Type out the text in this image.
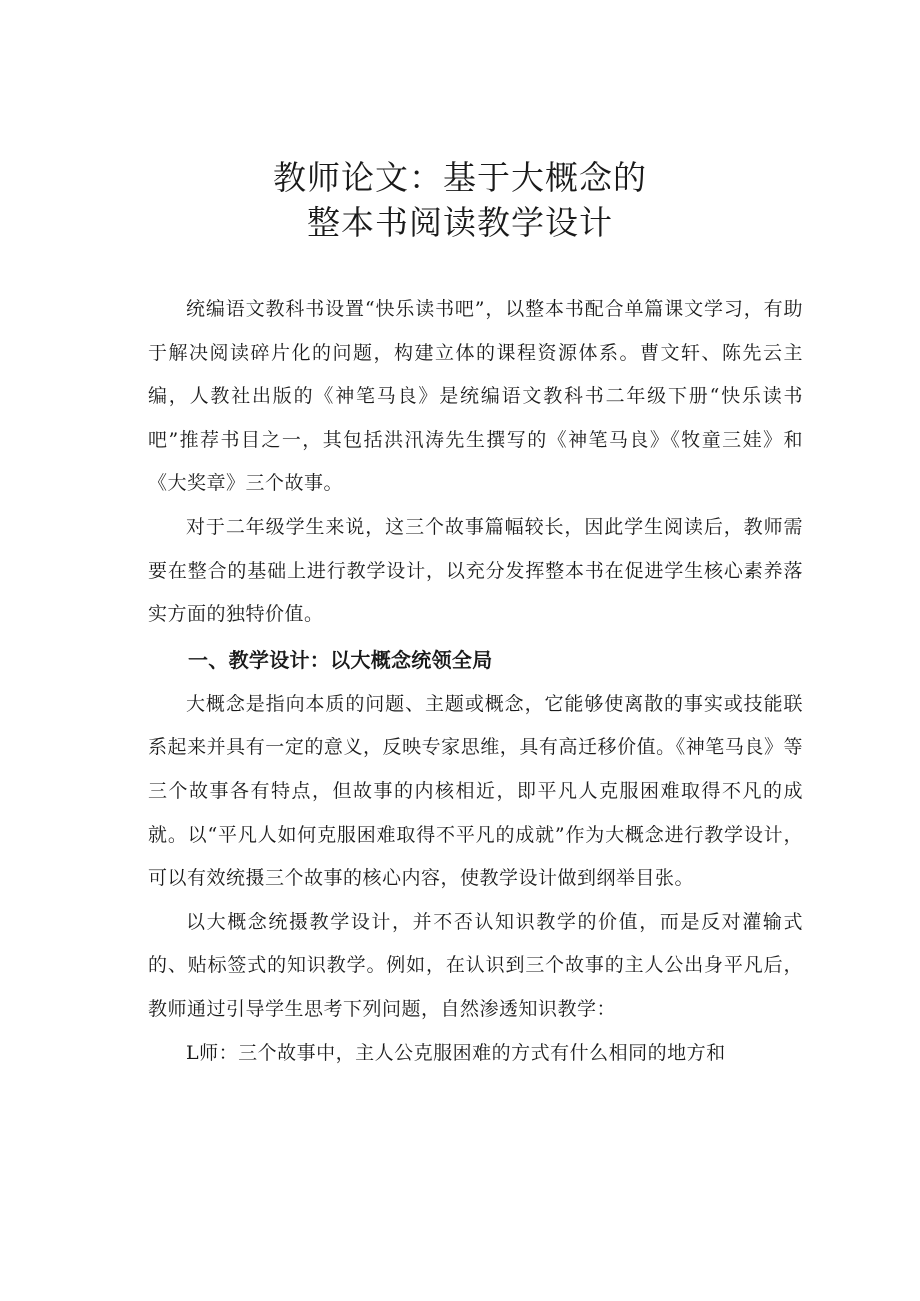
教师论文：基于大概念的
整本书阅读教学设计

统编语文教科书设置“快乐读书吧”，以整本书配合单篇课文学习，有助于解决阅读碎片化的问题，构建立体的课程资源体系。曹文轩、陈先云主编，人教社出版的《神笔马良》是统编语文教科书二年级下册“快乐读书吧”推荐书目之一，其包括洪汛涛先生撰写的《神笔马良》《牧童三娃》和《大奖章》三个故事。

对于二年级学生来说，这三个故事篇幅较长，因此学生阅读后，教师需要在整合的基础上进行教学设计，以充分发挥整本书在促进学生核心素养落实方面的独特价值。

一、教学设计：以大概念统领全局

大概念是指向本质的问题、主题或概念，它能够使离散的事实或技能联系起来并具有一定的意义，反映专家思维，具有高迁移价值。《神笔马良》等三个故事各有特点，但故事的内核相近，即平凡人克服困难取得不凡的成就。以“平凡人如何克服困难取得不平凡的成就”作为大概念进行教学设计，可以有效统摄三个故事的核心内容，使教学设计做到纲举目张。

以大概念统摄教学设计，并不否认知识教学的价值，而是反对灌输式的、贴标签式的知识教学。例如，在认识到三个故事的主人公出身平凡后，教师通过引导学生思考下列问题，自然渗透知识教学：

L师：三个故事中，主人公克服困难的方式有什么相同的地方和
